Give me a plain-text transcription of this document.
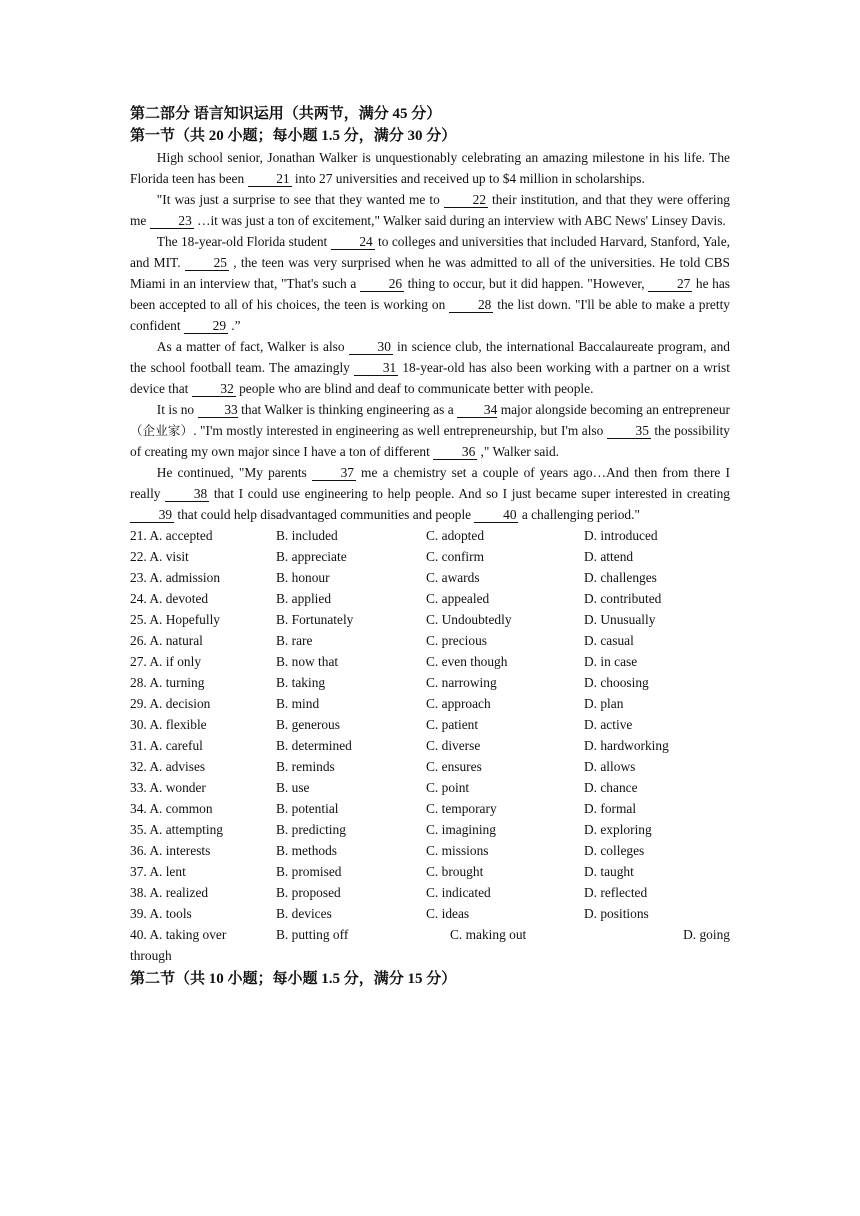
第二部分 语言知识运用（共两节，满分 45 分）
第一节（共 20 小题；每小题 1.5 分，满分 30 分）

High school senior, Jonathan Walker is unquestionably celebrating an amazing milestone in his life. The Florida teen has been 21 into 27 universities and received up to $4 million in scholarships.

"It was just a surprise to see that they wanted me to 22 their institution, and that they were offering me 23 …it was just a ton of excitement," Walker said during an interview with ABC News' Linsey Davis.

The 18-year-old Florida student 24 to colleges and universities that included Harvard, Stanford, Yale, and MIT. 25 , the teen was very surprised when he was admitted to all of the universities. He told CBS Miami in an interview that, "That's such a 26 thing to occur, but it did happen. "However, 27 he has been accepted to all of his choices, the teen is working on 28 the list down. "I'll be able to make a pretty confident 29 .”

As a matter of fact, Walker is also 30 in science club, the international Baccalaureate program, and the school football team. The amazingly 31 18-year-old has also been working with a partner on a wrist device that 32 people who are blind and deaf to communicate better with people.

It is no 33 that Walker is thinking engineering as a 34 major alongside becoming an entrepreneur（企业家）. "I'm mostly interested in engineering as well entrepreneurship, but I'm also 35 the possibility of creating my own major since I have a ton of different 36 ," Walker said.

He continued, "My parents 37 me a chemistry set a couple of years ago…And then from there I really 38 that I could use engineering to help people. And so I just became super interested in creating 39 that could help disadvantaged communities and people 40 a challenging period."

21. A. accepted	B. included	C. adopted	D. introduced
22. A. visit	B. appreciate	C. confirm	D. attend
23. A. admission	B. honour	C. awards	D. challenges
24. A. devoted	B. applied	C. appealed	D. contributed
25. A. Hopefully	B. Fortunately	C. Undoubtedly	D. Unusually
26. A. natural	B. rare	C. precious	D. casual
27. A. if only	B. now that	C. even though	D. in case
28. A. turning	B. taking	C. narrowing	D. choosing
29. A. decision	B. mind	C. approach	D. plan
30. A. flexible	B. generous	C. patient	D. active
31. A. careful	B. determined	C. diverse	D. hardworking
32. A. advises	B. reminds	C. ensures	D. allows
33. A. wonder	B. use	C. point	D. chance
34. A. common	B. potential	C. temporary	D. formal
35. A. attempting	B. predicting	C. imagining	D. exploring
36. A. interests	B. methods	C. missions	D. colleges
37. A. lent	B. promised	C. brought	D. taught
38. A. realized	B. proposed	C. indicated	D. reflected
39. A. tools	B. devices	C. ideas	D. positions
40. A. taking over	B. putting off	C. making out	D. going
through
第二节（共 10 小题；每小题 1.5 分，满分 15 分）
